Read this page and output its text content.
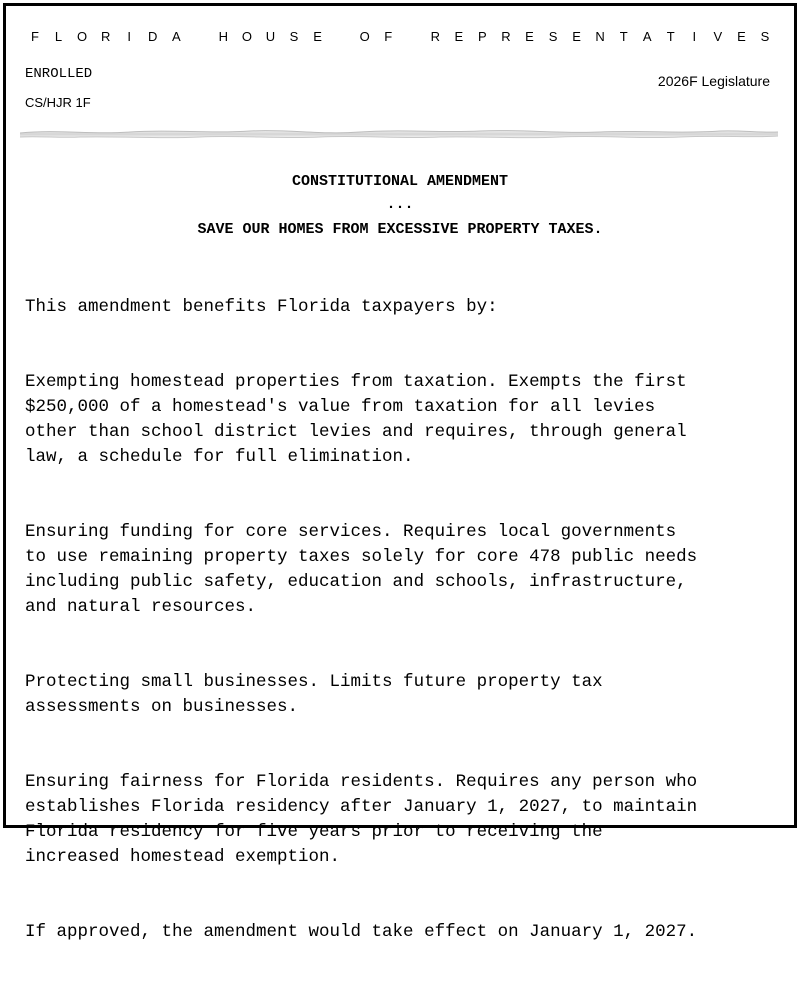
F L O R	I	D A	H O U S E	O F	R E P R E S E N T A T	I	V E S
ENROLLED
CS/HJR 1F
2026F Legislature
CONSTITUTIONAL AMENDMENT
...
SAVE OUR HOMES FROM EXCESSIVE PROPERTY TAXES.

This amendment benefits Florida taxpayers by:

Exempting homestead properties from taxation. Exempts the first
$250,000 of a homestead's value from taxation for all levies
other than school district levies and requires, through general
law, a schedule for full elimination.

Ensuring funding for core services. Requires local governments
to use remaining property taxes solely for core 478 public needs
including public safety, education and schools, infrastructure,
and natural resources.

Protecting small businesses. Limits future property tax
assessments on businesses.

Ensuring fairness for Florida residents. Requires any person who
establishes Florida residency after January 1, 2027, to maintain
Florida residency for five years prior to receiving the
increased homestead exemption.

If approved, the amendment would take effect on January 1, 2027.
